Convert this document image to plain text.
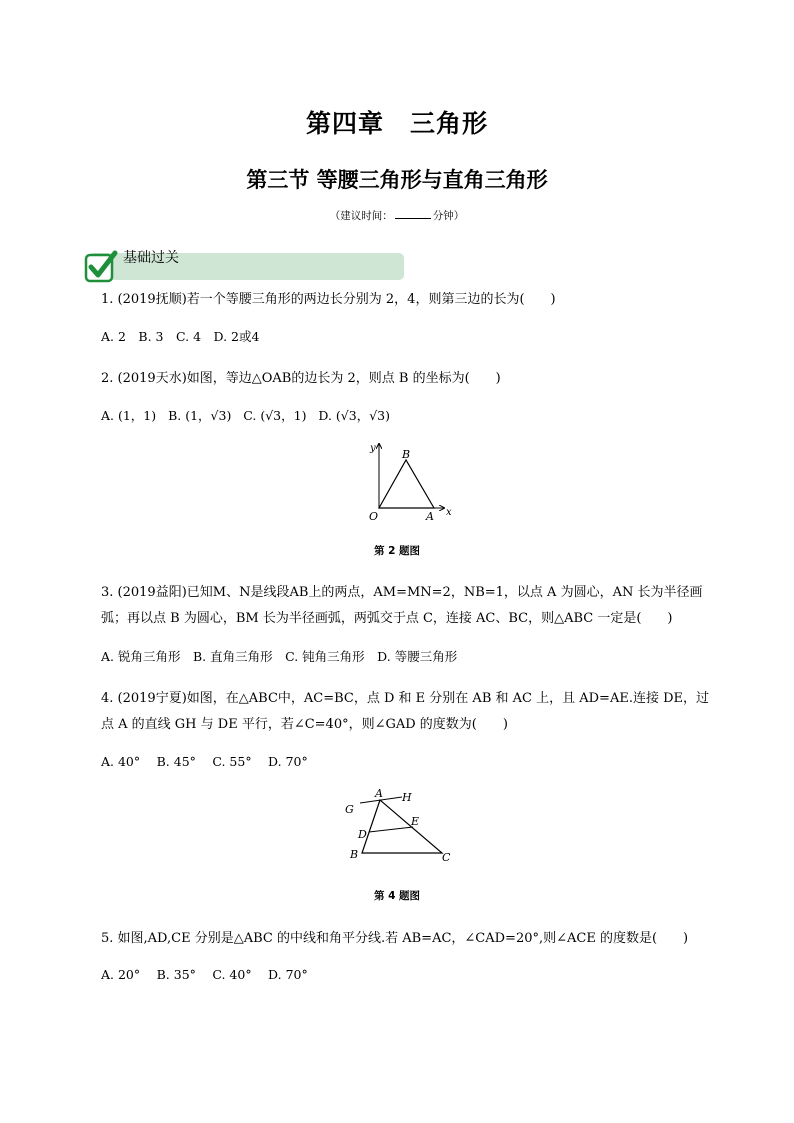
第四章　三角形
第三节 等腰三角形与直角三角形
（建议时间：	分钟）
基础过关
1. (2019抚顺)若一个等腰三角形的两边长分别为 2，4，则第三边的长为(　　)
A. 2　B. 3　C. 4　D. 2或4
2. (2019天水)如图，等边△OAB的边长为 2，则点 B 的坐标为(　　)
A. (1，1) B. (1，√3) C. (√3，1) D. (√3，√3)
y
x
O	A
B
第 2 题图
3. (2019益阳)已知M、N是线段AB上的两点，AM=MN=2，NB=1，以点 A 为圆心，AN 长为半径画
弧；再以点 B 为圆心，BM 长为半径画弧，两弧交于点 C，连接 AC、BC，则△ABC 一定是(　　)
A. 锐角三角形　B. 直角三角形　C. 钝角三角形　D. 等腰三角形
4. (2019宁夏)如图，在△ABC中，AC=BC，点 D 和 E 分别在 AB 和 AC 上，且 AD=AE.连接 DE，过
点 A 的直线 GH 与 DE 平行，若∠C=40°，则∠GAD 的度数为(　　)
A. 40°　 B. 45°　 C. 55°　 D. 70°
G
A H
E
D
B	C
第 4 题图
5. 如图,AD,CE 分别是△ABC 的中线和角平分线.若 AB=AC，∠CAD=20°,则∠ACE 的度数是(　　)
A. 20°　 B. 35°　 C. 40°　 D. 70°
